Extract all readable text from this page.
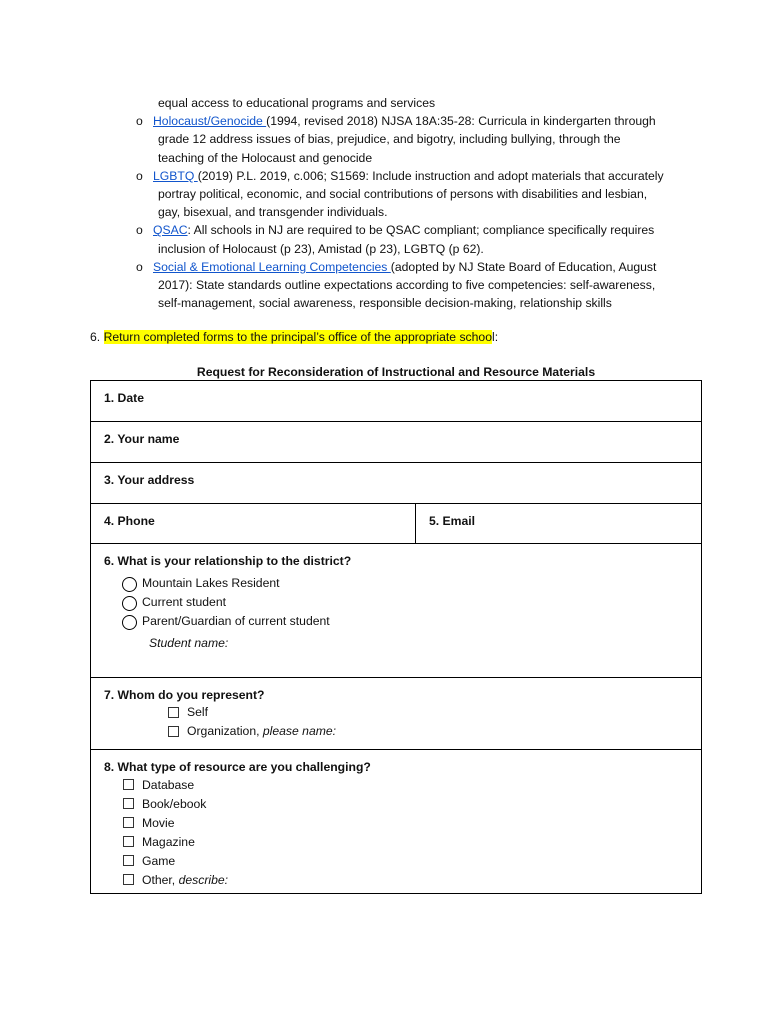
equal access to educational programs and services
o Holocaust/Genocide (1994, revised 2018) NJSA 18A:35-28: Curricula in kindergarten through
grade 12 address issues of bias, prejudice, and bigotry, including bullying, through the
teaching of the Holocaust and genocide
o LGBTQ (2019) P.L. 2019, c.006; S1569: Include instruction and adopt materials that accurately
portray political, economic, and social contributions of persons with disabilities and lesbian,
gay, bisexual, and transgender individuals.
o QSAC: All schools in NJ are required to be QSAC compliant; compliance specifically requires
inclusion of Holocaust (p 23), Amistad (p 23), LGBTQ (p 62).
o Social & Emotional Learning Competencies (adopted by NJ State Board of Education, August
2017): State standards outline expectations according to five competencies: self-awareness,
self-management, social awareness, responsible decision-making, relationship skills
6. Return completed forms to the principal’s office of the appropriate school:
Request for Reconsideration of Instructional and Resource Materials
1. Date
2. Your name
3. Your address
4. Phone	5. Email
6. What is your relationship to the district?
Mountain Lakes Resident
Current student
Parent/Guardian of current student
Student name:
7. Whom do you represent?
Self
Organization, please name:
8. What type of resource are you challenging?
Database
Book/ebook
Movie
Magazine
Game
Other, describe:
